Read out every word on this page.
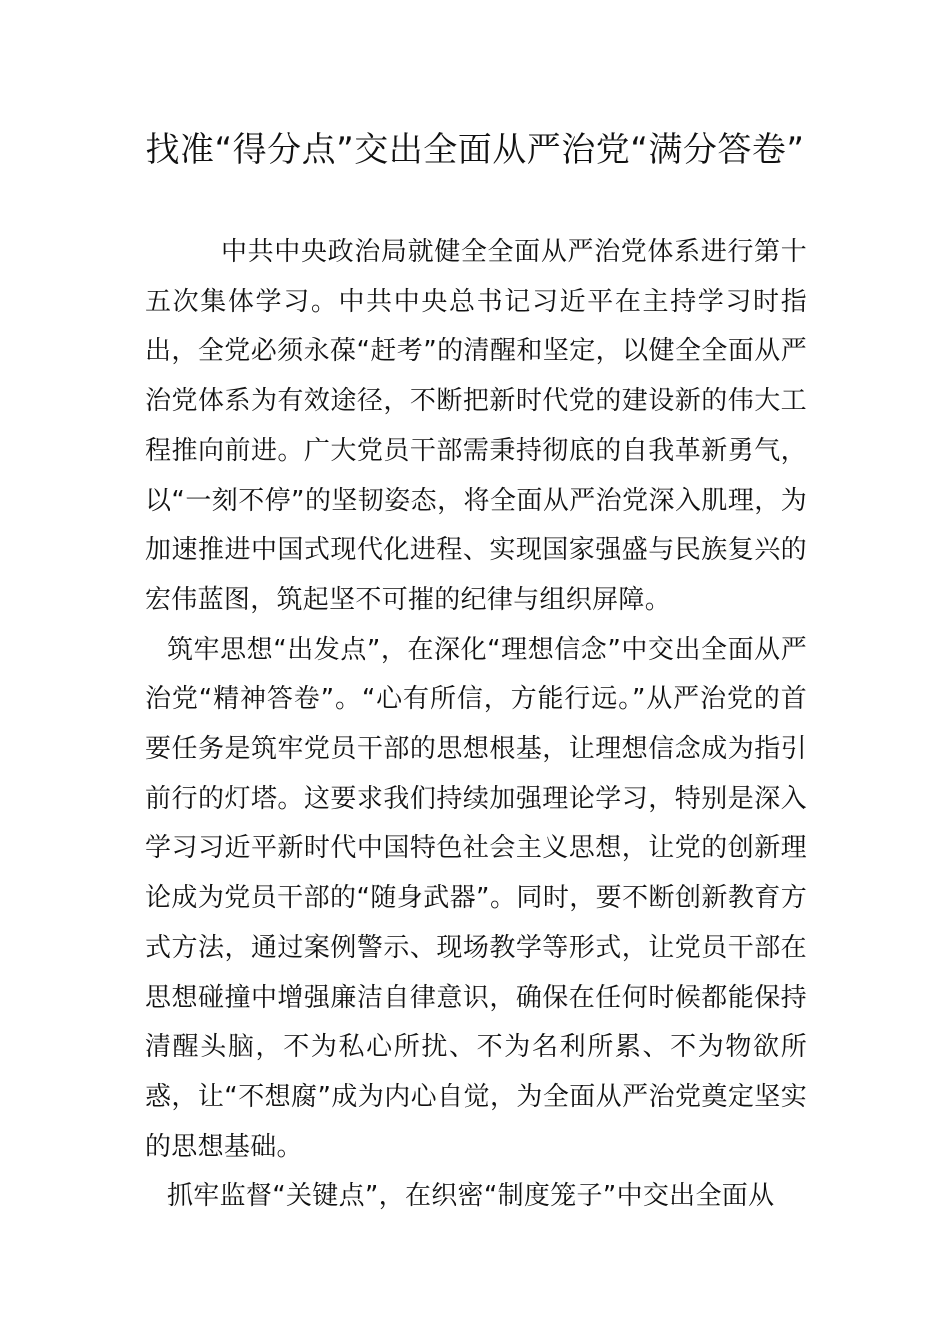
找准“得分点”交出全面从严治党“满分答卷”

中共中央政治局就健全全面从严治党体系进行第十五次集体学习。中共中央总书记习近平在主持学习时指出，全党必须永葆“赶考”的清醒和坚定，以健全全面从严治党体系为有效途径，不断把新时代党的建设新的伟大工程推向前进。广大党员干部需秉持彻底的自我革新勇气，以“一刻不停”的坚韧姿态，将全面从严治党深入肌理，为加速推进中国式现代化进程、实现国家强盛与民族复兴的宏伟蓝图，筑起坚不可摧的纪律与组织屏障。

筑牢思想“出发点”，在深化“理想信念”中交出全面从严治党“精神答卷”。“心有所信，方能行远。”从严治党的首要任务是筑牢党员干部的思想根基，让理想信念成为指引前行的灯塔。这要求我们持续加强理论学习，特别是深入学习习近平新时代中国特色社会主义思想，让党的创新理论成为党员干部的“随身武器”。同时，要不断创新教育方式方法，通过案例警示、现场教学等形式，让党员干部在思想碰撞中增强廉洁自律意识，确保在任何时候都能保持清醒头脑，不为私心所扰、不为名利所累、不为物欲所惑，让“不想腐”成为内心自觉，为全面从严治党奠定坚实的思想基础。

抓牢监督“关键点”，在织密“制度笼子”中交出全面从
